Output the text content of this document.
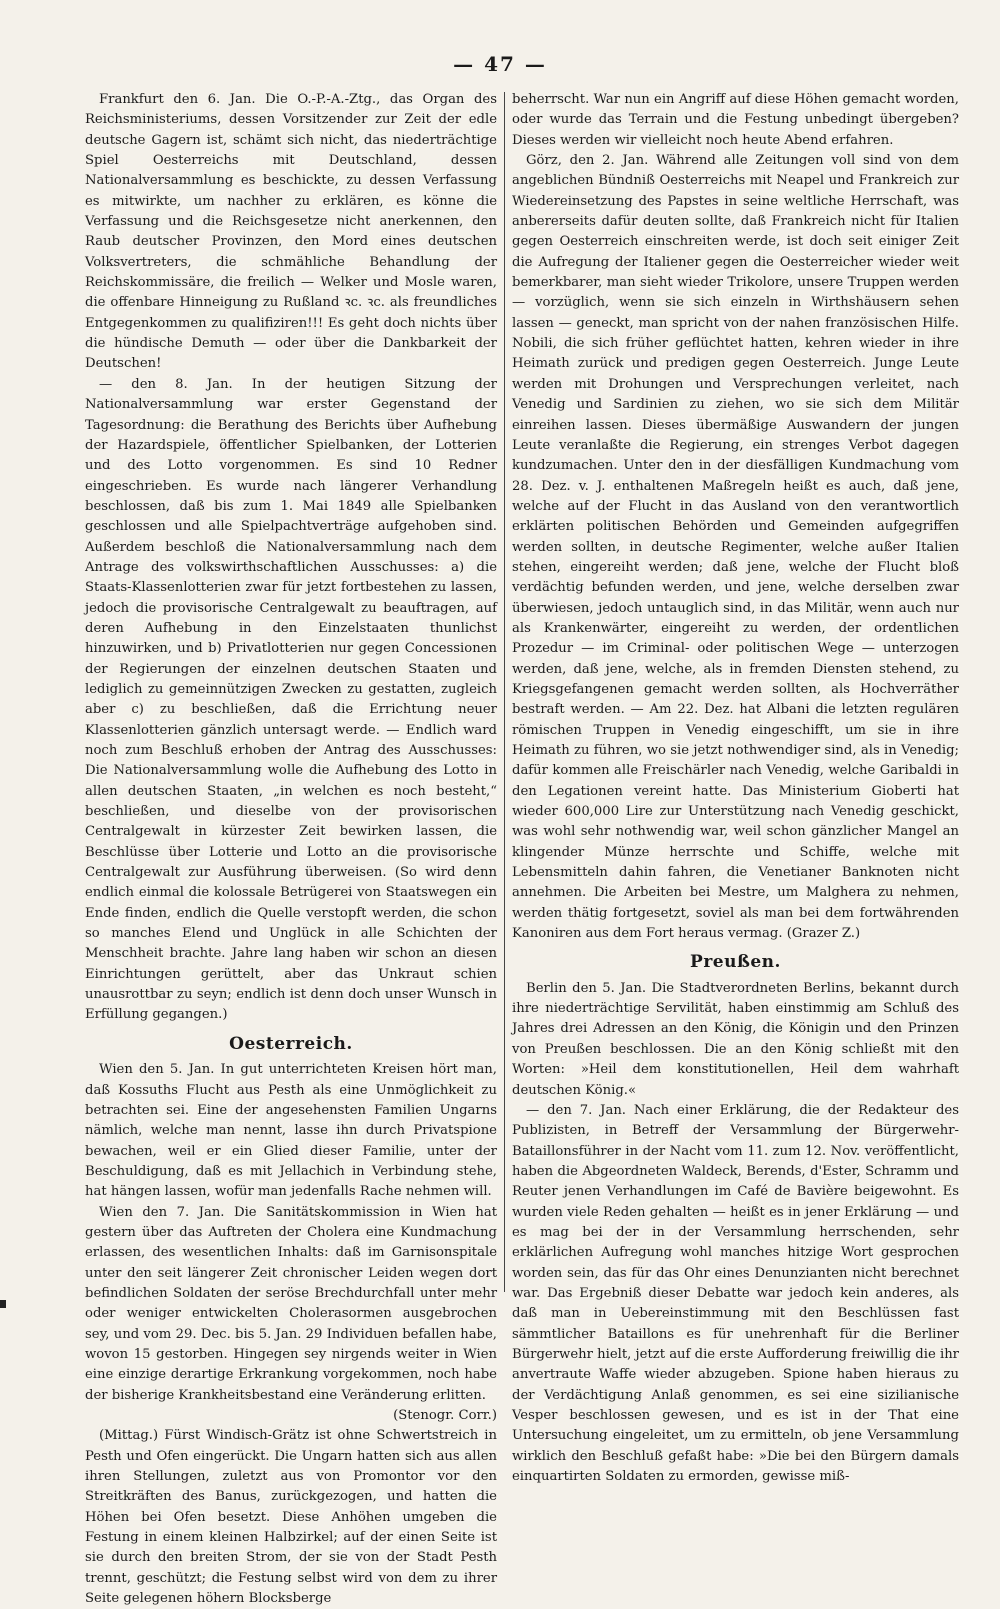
— 47 —

Frankfurt den 6. Jan. Die O.-P.-A.-Ztg., das Organ des Reichsministeriums, dessen Vorsitzender zur Zeit der edle deutsche Gagern ist, schämt sich nicht, das niederträchtige Spiel Oesterreichs mit Deutschland, dessen Nationalversammlung es beschickte, zu dessen Verfassung es mitwirkte, um nachher zu erklären, es könne die Verfassung und die Reichsgesetze nicht anerkennen, den Raub deutscher Provinzen, den Mord eines deutschen Volksvertreters, die schmähliche Behandlung der Reichskommissäre, die freilich — Welker und Mosle waren, die offenbare Hinneigung zu Rußland ꝛc. ꝛc. als freundliches Entgegenkommen zu qualifiziren!!! Es geht doch nichts über die hündische Demuth — oder über die Dankbarkeit der Deutschen!

— den 8. Jan. In der heutigen Sitzung der Nationalversammlung war erster Gegenstand der Tagesordnung: die Berathung des Berichts über Aufhebung der Hazardspiele, öffentlicher Spielbanken, der Lotterien und des Lotto vorgenommen. Es sind 10 Redner eingeschrieben. Es wurde nach längerer Verhandlung beschlossen, daß bis zum 1. Mai 1849 alle Spielbanken geschlossen und alle Spielpachtverträge aufgehoben sind. Außerdem beschloß die Nationalversammlung nach dem Antrage des volkswirthschaftlichen Ausschusses: a) die Staats-Klassenlotterien zwar für jetzt fortbestehen zu lassen, jedoch die provisorische Centralgewalt zu beauftragen, auf deren Aufhebung in den Einzelstaaten thunlichst hinzuwirken, und b) Privatlotterien nur gegen Concessionen der Regierungen der einzelnen deutschen Staaten und lediglich zu gemeinnützigen Zwecken zu gestatten, zugleich aber c) zu beschließen, daß die Errichtung neuer Klassenlotterien gänzlich untersagt werde. — Endlich ward noch zum Beschluß erhoben der Antrag des Ausschusses: Die Nationalversammlung wolle die Aufhebung des Lotto in allen deutschen Staaten, „in welchen es noch besteht,“ beschließen, und dieselbe von der provisorischen Centralgewalt in kürzester Zeit bewirken lassen, die Beschlüsse über Lotterie und Lotto an die provisorische Centralgewalt zur Ausführung überweisen. (So wird denn endlich einmal die kolossale Betrügerei von Staatswegen ein Ende finden, endlich die Quelle verstopft werden, die schon so manches Elend und Unglück in alle Schichten der Menschheit brachte. Jahre lang haben wir schon an diesen Einrichtungen gerüttelt, aber das Unkraut schien unausrottbar zu seyn; endlich ist denn doch unser Wunsch in Erfüllung gegangen.)

Oesterreich.

Wien den 5. Jan. In gut unterrichteten Kreisen hört man, daß Kossuths Flucht aus Pesth als eine Unmöglichkeit zu betrachten sei. Eine der angesehensten Familien Ungarns nämlich, welche man nennt, lasse ihn durch Privatspione bewachen, weil er ein Glied dieser Familie, unter der Beschuldigung, daß es mit Jellachich in Verbindung stehe, hat hängen lassen, wofür man jedenfalls Rache nehmen will.

Wien den 7. Jan. Die Sanitätskommission in Wien hat gestern über das Auftreten der Cholera eine Kundmachung erlassen, des wesentlichen Inhalts: daß im Garnisonspitale unter den seit längerer Zeit chronischer Leiden wegen dort befindlichen Soldaten der seröse Brechdurchfall unter mehr oder weniger entwickelten Cholerasormen ausgebrochen sey, und vom 29. Dec. bis 5. Jan. 29 Individuen befallen habe, wovon 15 gestorben. Hingegen sey nirgends weiter in Wien eine einzige derartige Erkrankung vorgekommen, noch habe der bisherige Krankheitsbestand eine Veränderung erlitten.

(Stenogr. Corr.)

(Mittag.) Fürst Windisch-Grätz ist ohne Schwertstreich in Pesth und Ofen eingerückt. Die Ungarn hatten sich aus allen ihren Stellungen, zuletzt aus von Promontor vor den Streitkräften des Banus, zurückgezogen, und hatten die Höhen bei Ofen besetzt. Diese Anhöhen umgeben die Festung in einem kleinen Halbzirkel; auf der einen Seite ist sie durch den breiten Strom, der sie von der Stadt Pesth trennt, geschützt; die Festung selbst wird von dem zu ihrer Seite gelegenen höhern Blocksberge

beherrscht. War nun ein Angriff auf diese Höhen gemacht worden, oder wurde das Terrain und die Festung unbedingt übergeben? Dieses werden wir vielleicht noch heute Abend erfahren.

Görz, den 2. Jan. Während alle Zeitungen voll sind von dem angeblichen Bündniß Oesterreichs mit Neapel und Frankreich zur Wiedereinsetzung des Papstes in seine weltliche Herrschaft, was anbererseits dafür deuten sollte, daß Frankreich nicht für Italien gegen Oesterreich einschreiten werde, ist doch seit einiger Zeit die Aufregung der Italiener gegen die Oesterreicher wieder weit bemerkbarer, man sieht wieder Trikolore, unsere Truppen werden — vorzüglich, wenn sie sich einzeln in Wirthshäusern sehen lassen — geneckt, man spricht von der nahen französischen Hilfe. Nobili, die sich früher geflüchtet hatten, kehren wieder in ihre Heimath zurück und predigen gegen Oesterreich. Junge Leute werden mit Drohungen und Versprechungen verleitet, nach Venedig und Sardinien zu ziehen, wo sie sich dem Militär einreihen lassen. Dieses übermäßige Auswandern der jungen Leute veranlaßte die Regierung, ein strenges Verbot dagegen kundzumachen. Unter den in der diesfälligen Kundmachung vom 28. Dez. v. J. enthaltenen Maßregeln heißt es auch, daß jene, welche auf der Flucht in das Ausland von den verantwortlich erklärten politischen Behörden und Gemeinden aufgegriffen werden sollten, in deutsche Regimenter, welche außer Italien stehen, eingereiht werden; daß jene, welche der Flucht bloß verdächtig befunden werden, und jene, welche derselben zwar überwiesen, jedoch untauglich sind, in das Militär, wenn auch nur als Krankenwärter, eingereiht zu werden, der ordentlichen Prozedur — im Criminal- oder politischen Wege — unterzogen werden, daß jene, welche, als in fremden Diensten stehend, zu Kriegsgefangenen gemacht werden sollten, als Hochverräther bestraft werden. — Am 22. Dez. hat Albani die letzten regulären römischen Truppen in Venedig eingeschifft, um sie in ihre Heimath zu führen, wo sie jetzt nothwendiger sind, als in Venedig; dafür kommen alle Freischärler nach Venedig, welche Garibaldi in den Legationen vereint hatte. Das Ministerium Gioberti hat wieder 600,000 Lire zur Unterstützung nach Venedig geschickt, was wohl sehr nothwendig war, weil schon gänzlicher Mangel an klingender Münze herrschte und Schiffe, welche mit Lebensmitteln dahin fahren, die Venetianer Banknoten nicht annehmen. Die Arbeiten bei Mestre, um Malghera zu nehmen, werden thätig fortgesetzt, soviel als man bei dem fortwährenden Kanoniren aus dem Fort heraus vermag. (Grazer Z.)

Preußen.

Berlin den 5. Jan. Die Stadtverordneten Berlins, bekannt durch ihre niederträchtige Servilität, haben einstimmig am Schluß des Jahres drei Adressen an den König, die Königin und den Prinzen von Preußen beschlossen. Die an den König schließt mit den Worten: »Heil dem konstitutionellen, Heil dem wahrhaft deutschen König.«

— den 7. Jan. Nach einer Erklärung, die der Redakteur des Publizisten, in Betreff der Versammlung der Bürgerwehr-Bataillonsführer in der Nacht vom 11. zum 12. Nov. veröffentlicht, haben die Abgeordneten Waldeck, Berends, d'Ester, Schramm und Reuter jenen Verhandlungen im Café de Bavière beigewohnt. Es wurden viele Reden gehalten — heißt es in jener Erklärung — und es mag bei der in der Versammlung herrschenden, sehr erklärlichen Aufregung wohl manches hitzige Wort gesprochen worden sein, das für das Ohr eines Denunzianten nicht berechnet war. Das Ergebniß dieser Debatte war jedoch kein anderes, als daß man in Uebereinstimmung mit den Beschlüssen fast sämmtlicher Bataillons es für unehrenhaft für die Berliner Bürgerwehr hielt, jetzt auf die erste Aufforderung freiwillig die ihr anvertraute Waffe wieder abzugeben. Spione haben hieraus zu der Verdächtigung Anlaß genommen, es sei eine sizilianische Vesper beschlossen gewesen, und es ist in der That eine Untersuchung eingeleitet, um zu ermitteln, ob jene Versammlung wirklich den Beschluß gefaßt habe: »Die bei den Bürgern damals einquartirten Soldaten zu ermorden, gewisse miß-
